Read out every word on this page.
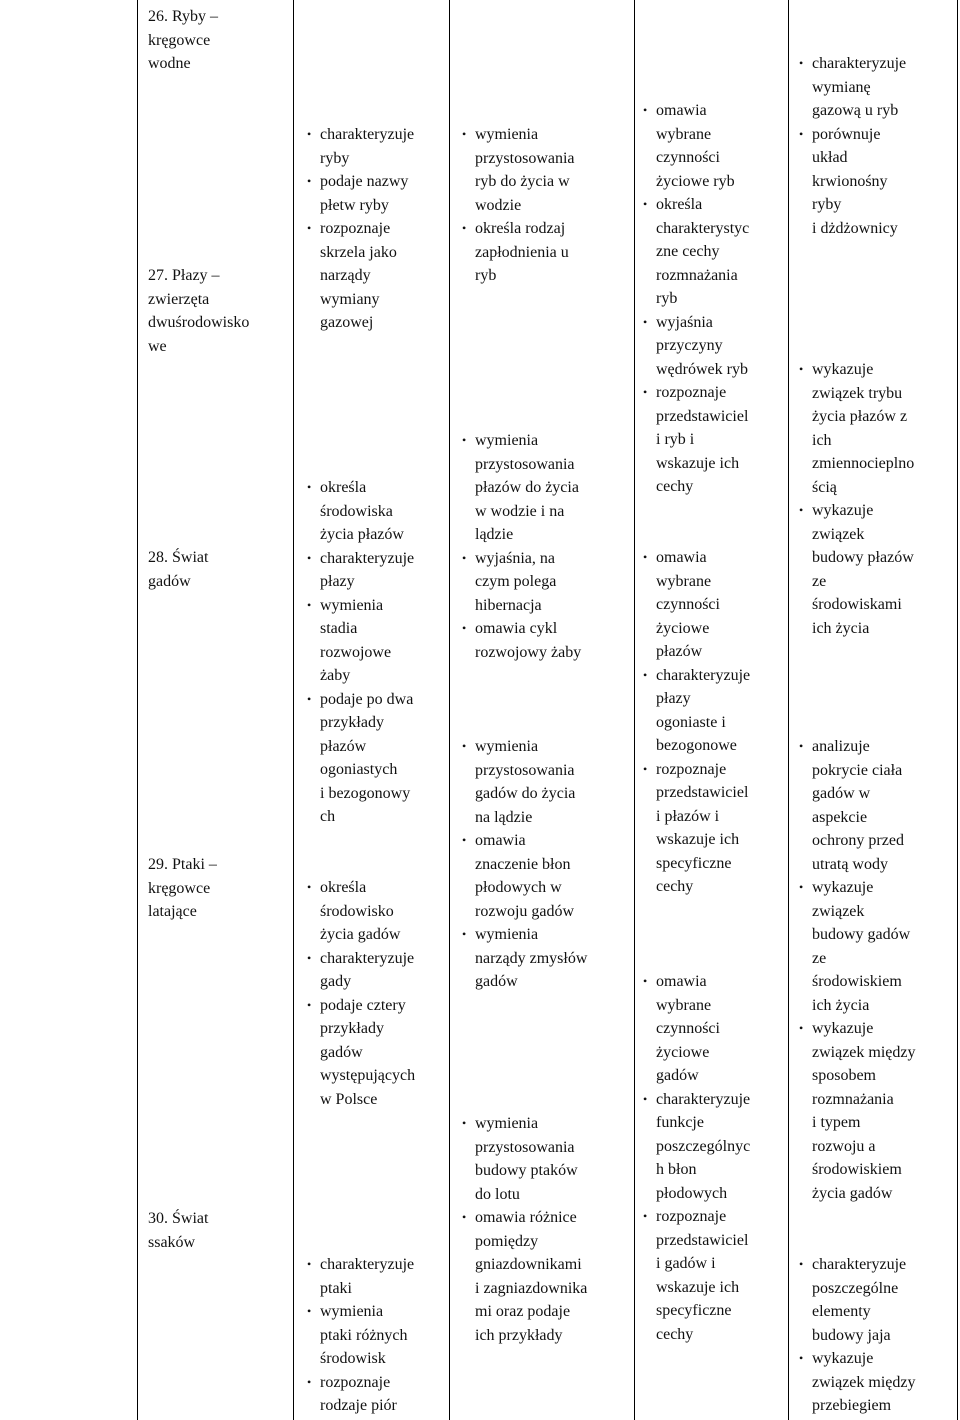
26. Ryby –
kręgowce
wodne
27. Płazy –
zwierzęta
dwuśrodowisko
we
28. Świat
gadów
29. Ptaki –
kręgowce
latające
30. Świat
ssaków
• charakteryzuje
ryby
• podaje nazwy
płetw ryby
• rozpoznaje
skrzela jako
narządy
wymiany
gazowej
• określa
środowiska
życia płazów
• charakteryzuje
płazy
• wymienia
stadia
rozwojowe
żaby
• podaje po dwa
przykłady
płazów
ogoniastych
i bezogonowy
ch
• określa
środowisko
życia gadów
• charakteryzuje
gady
• podaje cztery
przykłady
gadów
występujących
w Polsce
• charakteryzuje
ptaki
• wymienia
ptaki różnych
środowisk
• rozpoznaje
rodzaje piór
• wymienia
przystosowania
ryb do życia w
wodzie
• określa rodzaj
zapłodnienia u
ryb
• wymienia
przystosowania
płazów do życia
w wodzie i na
lądzie
• wyjaśnia, na
czym polega
hibernacja
• omawia cykl
rozwojowy żaby
• wymienia
przystosowania
gadów do życia
na lądzie
• omawia
znaczenie błon
płodowych w
rozwoju gadów
• wymienia
narządy zmysłów
gadów
• wymienia
przystosowania
budowy ptaków
do lotu
• omawia różnice
pomiędzy
gniazdownikami
i zagniazdownika
mi oraz podaje
ich przykłady
• omawia
wybrane
czynności
życiowe ryb
• określa
charakterystyc
zne cechy
rozmnażania
ryb
• wyjaśnia
przyczyny
wędrówek ryb
• rozpoznaje
przedstawiciel
i ryb i
wskazuje ich
cechy
• omawia
wybrane
czynności
życiowe
płazów
• charakteryzuje
płazy
ogoniaste i
bezogonowe
• rozpoznaje
przedstawiciel
i płazów i
wskazuje ich
specyficzne
cechy
• omawia
wybrane
czynności
życiowe
gadów
• charakteryzuje
funkcje
poszczególnyc
h błon
płodowych
• rozpoznaje
przedstawiciel
i gadów i
wskazuje ich
specyficzne
cechy
• charakteryzuje
wymianę
gazową u ryb
• porównuje
układ
krwionośny
ryby
i dżdżownicy
• wykazuje
związek trybu
życia płazów z
ich
zmiennocieplno
ścią
• wykazuje
związek
budowy płazów
ze
środowiskami
ich życia
• analizuje
pokrycie ciała
gadów w
aspekcie
ochrony przed
utratą wody
• wykazuje
związek
budowy gadów
ze
środowiskiem
ich życia
• wykazuje
związek między
sposobem
rozmnażania
i typem
rozwoju a
środowiskiem
życia gadów
• charakteryzuje
poszczególne
elementy
budowy jaja
• wykazuje
związek między
przebiegiem
